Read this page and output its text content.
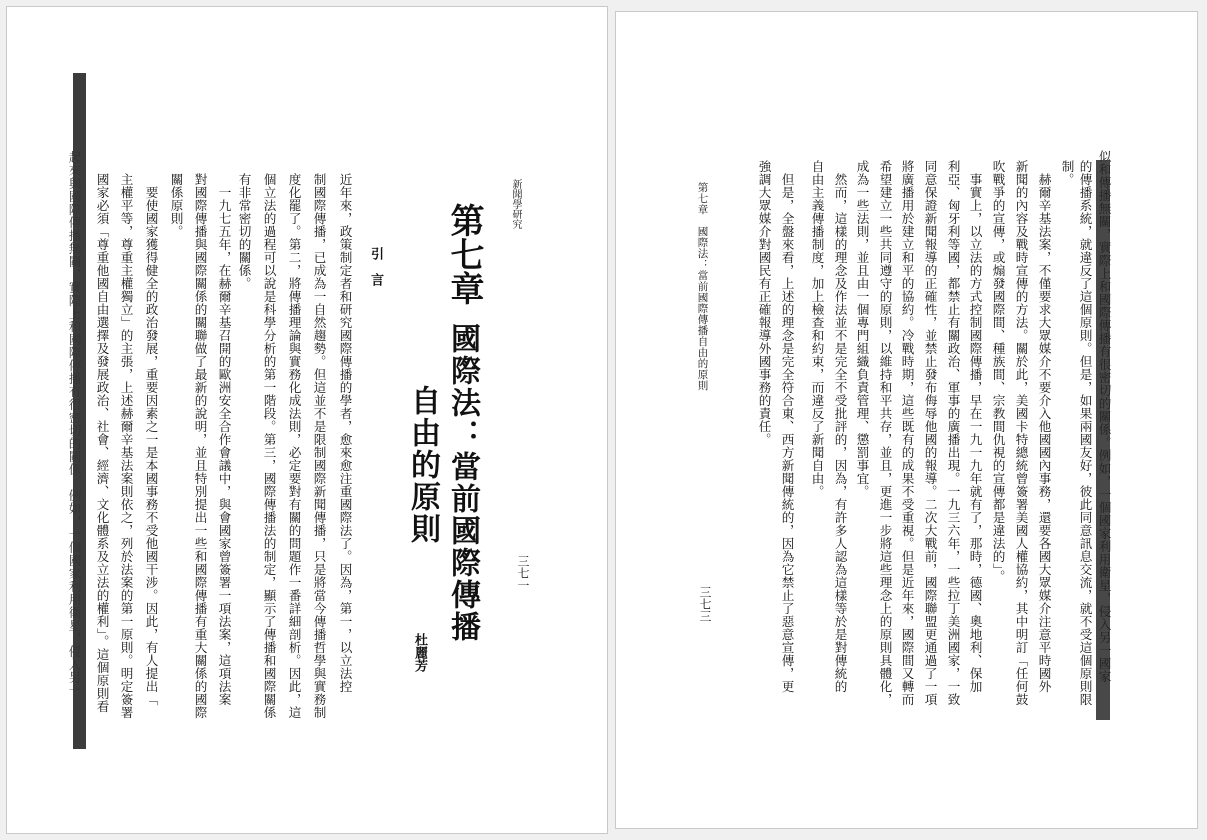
新聞學研究
第七章
國際法：當前國際傳播
自由的原則
杜麗芳
三七一
引　言
近年來，政策制定者和研究國際傳播的學者，愈來愈注重國際法了。因為，第一，以立法控
制國際傳播，已成為一自然趨勢。但這並不是限制國際新聞傳播，只是將當今傳播哲學與實務制
度化罷了。第二，將傳播理論與實務化成法則，必定要對有關的問題作一番詳細剖析。因此，這
個立法的過程可以說是科學分析的第一階段。第三，國際傳播法的制定，顯示了傳播和國際關係
有非常密切的關係。
　一九七五年，在赫爾辛基召開的歐洲安全合作會議中，與會國家曾簽署一項法案，這項法案
對國際傳播與國際關係的關聯做了最新的說明，並且特別提出一些和國際傳播有重大關係的國際
關係原則。
　要使國家獲得健全的政治發展，重要因素之一是本國事務不受他國干涉。因此，有人提出「
主權平等，尊重主權獨立」的主張，上述赫爾辛基法案則依之，列於法案的第一原則。明定簽署
國家必須「尊重他國自由選擇及發展政治、社會、經濟、文化體系及立法的權利」。這個原則看
起來與國際傳播無關，實際上和國際傳播有很密切的關係。例如，一個國家利用衛星，侵入另一	第七章　國際法：當前國際傳播自由的原則
三七三	似和傳播無關，實際上和國際傳播有很密切的關係。例如，一個國家利用衛星，侵入另一國家
的傳播系統，就違反了這個原則。但是，如果兩國友好，彼此同意訊息交流，就不受這個原則限
制。
　赫爾辛基法案，不僅要求大眾媒介不要介入他國國內事務，還要各國大眾媒介注意平時國外
新聞的內容及戰時宣傳的方法。關於此，美國卡特總統曾簽署美國人權協約，其中明訂「任何鼓
吹戰爭的宣傳，或煽發國際間、種族間、宗教間仇視的宣傳都是違法的」。
　事實上，以立法的方式控制國際傳播，早在一九一九年就有了，那時，德國、奧地利、保加
利亞、匈牙利等國，都禁止有關政治、軍事的廣播出現。一九三六年，一些拉丁美洲國家，一致
同意保證新聞報導的正確性，並禁止發布侮辱他國的報導。二次大戰前，國際聯盟更通過了一項
將廣播用於建立和平的協約。冷戰時期，這些既有的成果不受重視。但是近年來，國際間又轉而
希望建立一些共同遵守的原則，以維持和平共存，並且，更進一步將這些理念上的原則具體化，
成為一些法則，並且由一個專門組織負責管理、懲罰事宜。
　然而，這樣的理念及作法並不是完全不受批評的，因為，有許多人認為這樣等於是對傳統的
自由主義傳播制度，加上檢查和約束，而違反了新聞自由。
　但是，全盤來看，上述的理念是完全符合東、西方新聞傳統的，因為它禁止了惡意宣傳，更
強調大眾媒介對國民有正確報導外國事務的責任。
